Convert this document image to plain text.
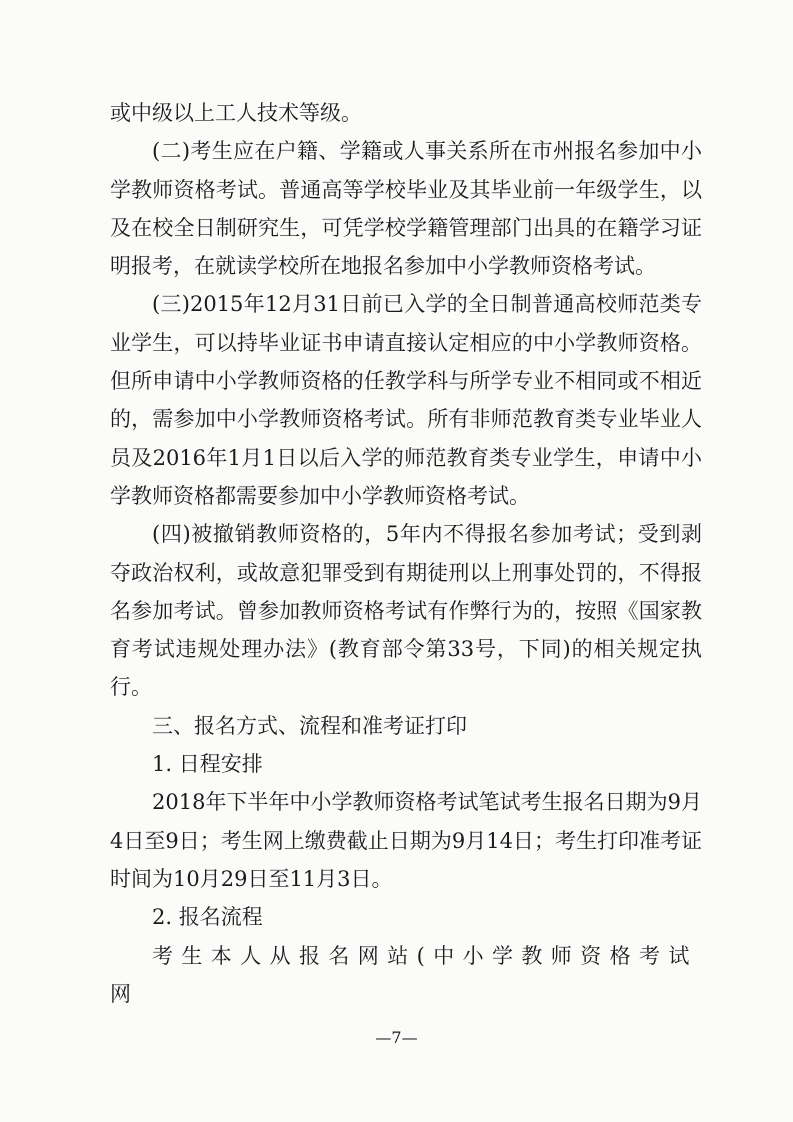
或中级以上工人技术等级。

(二)考生应在户籍、学籍或人事关系所在市州报名参加中小学教师资格考试。普通高等学校毕业及其毕业前一年级学生，以及在校全日制研究生，可凭学校学籍管理部门出具的在籍学习证明报考，在就读学校所在地报名参加中小学教师资格考试。

(三)2015年12月31日前已入学的全日制普通高校师范类专业学生，可以持毕业证书申请直接认定相应的中小学教师资格。但所申请中小学教师资格的任教学科与所学专业不相同或不相近的，需参加中小学教师资格考试。所有非师范教育类专业毕业人员及2016年1月1日以后入学的师范教育类专业学生，申请中小学教师资格都需要参加中小学教师资格考试。

(四)被撤销教师资格的，5年内不得报名参加考试；受到剥夺政治权利，或故意犯罪受到有期徒刑以上刑事处罚的，不得报名参加考试。曾参加教师资格考试有作弊行为的，按照《国家教育考试违规处理办法》(教育部令第33号，下同)的相关规定执行。

三、报名方式、流程和准考证打印

1. 日程安排

2018年下半年中小学教师资格考试笔试考生报名日期为9月4日至9日；考生网上缴费截止日期为9月14日；考生打印准考证时间为10月29日至11月3日。

2. 报名流程

考生本人从报名网站(中小学教师资格考试网

—7—
